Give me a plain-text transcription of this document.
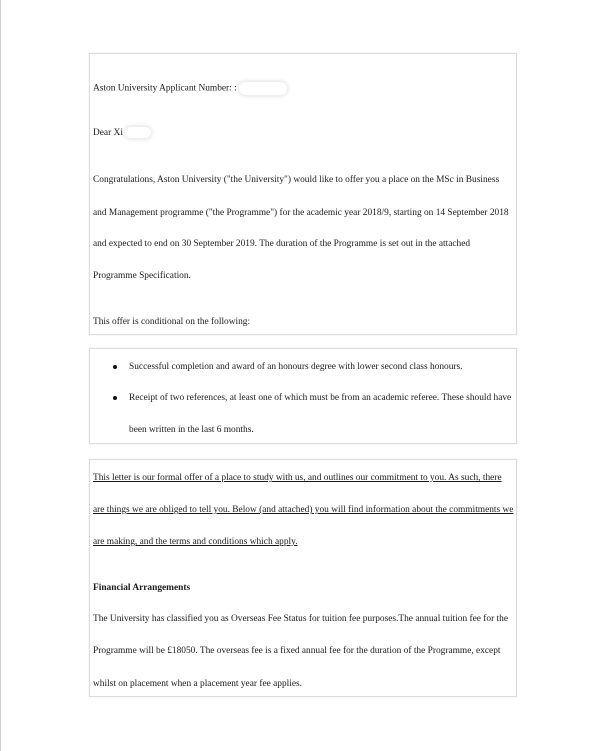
Aston University Applicant Number: :
Dear Xi
Congratulations, Aston University ("the University") would like to offer you a place on the MSc in Business
and Management programme ("the Programme") for the academic year 2018/9, starting on 14 September 2018
and expected to end on 30 September 2019. The duration of the Programme is set out in the attached
Programme Specification.
This offer is conditional on the following:
Successful completion and award of an honours degree with lower second class honours.
Receipt of two references, at least one of which must be from an academic referee. These should have
been written in the last 6 months.
This letter is our formal offer of a place to study with us, and outlines our commitment to you. As such, there
are things we are obliged to tell you. Below (and attached) you will find information about the commitments we
are making, and the terms and conditions which apply.
Financial Arrangements
The University has classified you as Overseas Fee Status for tuition fee purposes.The annual tuition fee for the
Programme will be £18050. The overseas fee is a fixed annual fee for the duration of the Programme, except
whilst on placement when a placement year fee applies.
